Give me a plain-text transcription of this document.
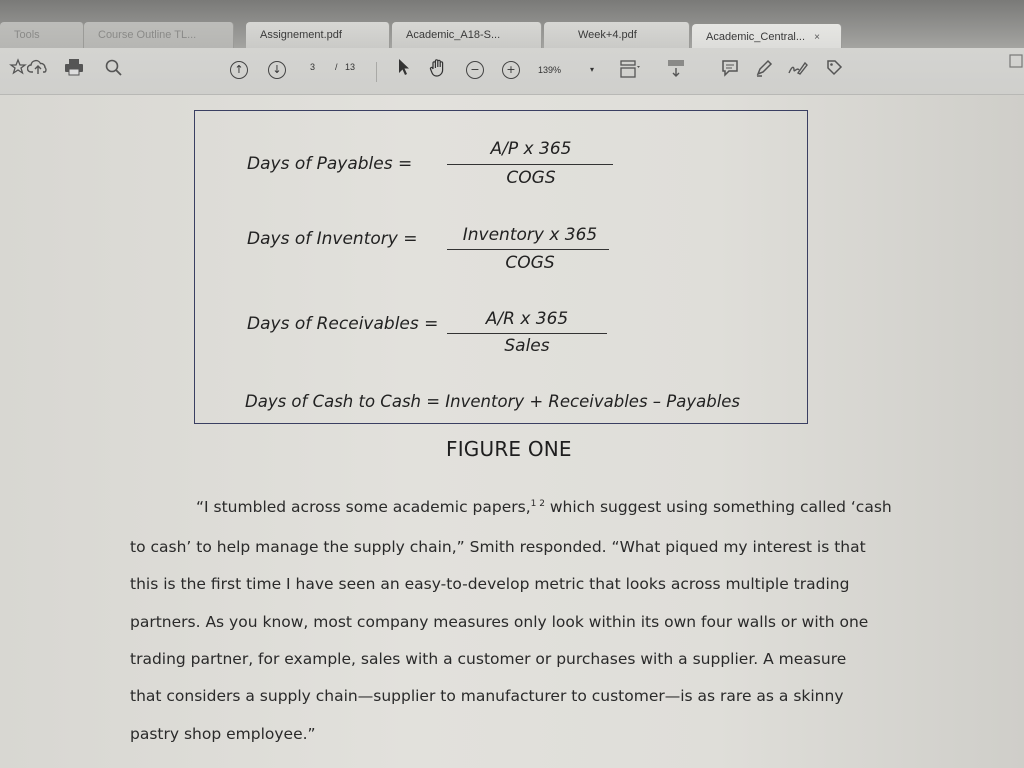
Tools	Course Outline TL...	Assignement.pdf	Academic_A18-S...	Week+4.pdf	Academic_Central... ×
↑	↓	3 / 13	−	+	139%	▾
Days of Payables =
A/P x 365
COGS
Days of Inventory =	Inventory x 365
COGS
Days of Receivables =	A/R x 365
Sales
Days of Cash to Cash = Inventory + Receivables – Payables
FIGURE ONE
“I stumbled across some academic papers,$^{1 2}$ which suggest using something called ‘cash
to cash’ to help manage the supply chain,” Smith responded. “What piqued my interest is that
this is the first time I have seen an easy-to-develop metric that looks across multiple trading
partners. As you know, most company measures only look within its own four walls or with one
trading partner, for example, sales with a customer or purchases with a supplier. A measure
that considers a supply chain—supplier to manufacturer to customer—is as rare as a skinny
pastry shop employee.”
